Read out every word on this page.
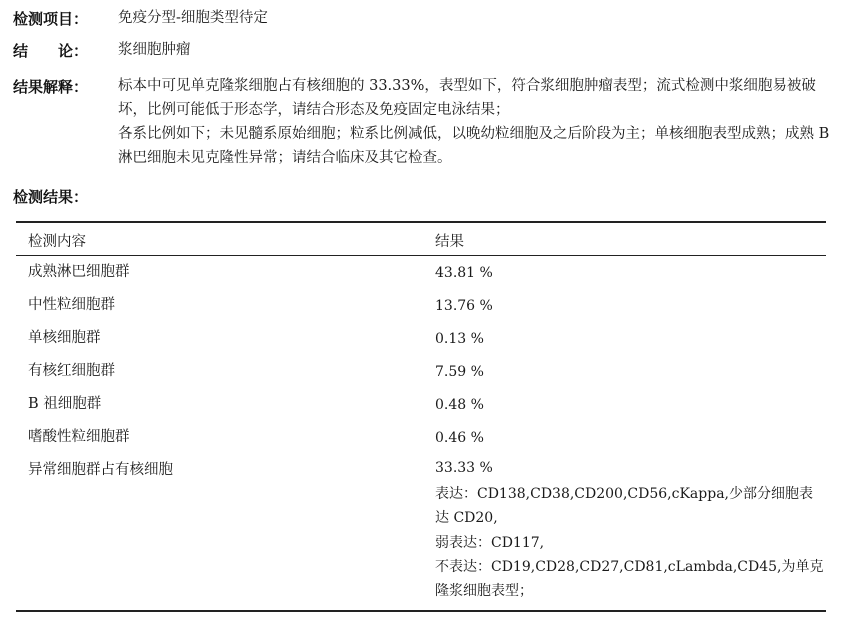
检测项目： 免疫分型-细胞类型待定
结　　论： 浆细胞肿瘤
结果解释： 标本中可见单克隆浆细胞占有核细胞的 33.33%，表型如下，符合浆细胞肿瘤表型；流式检测中浆细胞易被破坏，比例可能低于形态学，请结合形态及免疫固定电泳结果；

各系比例如下；未见髓系原始细胞；粒系比例减低，以晚幼粒细胞及之后阶段为主；单核细胞表型成熟；成熟 B 淋巴细胞未见克隆性异常；请结合临床及其它检查。

检测结果：
检测内容	结果
成熟淋巴细胞群	43.81 %
中性粒细胞群	13.76 %
单核细胞群	0.13 %
有核红细胞群	7.59 %
B 祖细胞群	0.48 %
嗜酸性粒细胞群	0.46 %
异常细胞群占有核细胞	33.33 %
表达：CD138,CD38,CD200,CD56,cKappa,少部分细胞表达 CD20,
弱表达：CD117,
不表达：CD19,CD28,CD27,CD81,cLambda,CD45,为单克隆浆细胞表型；
